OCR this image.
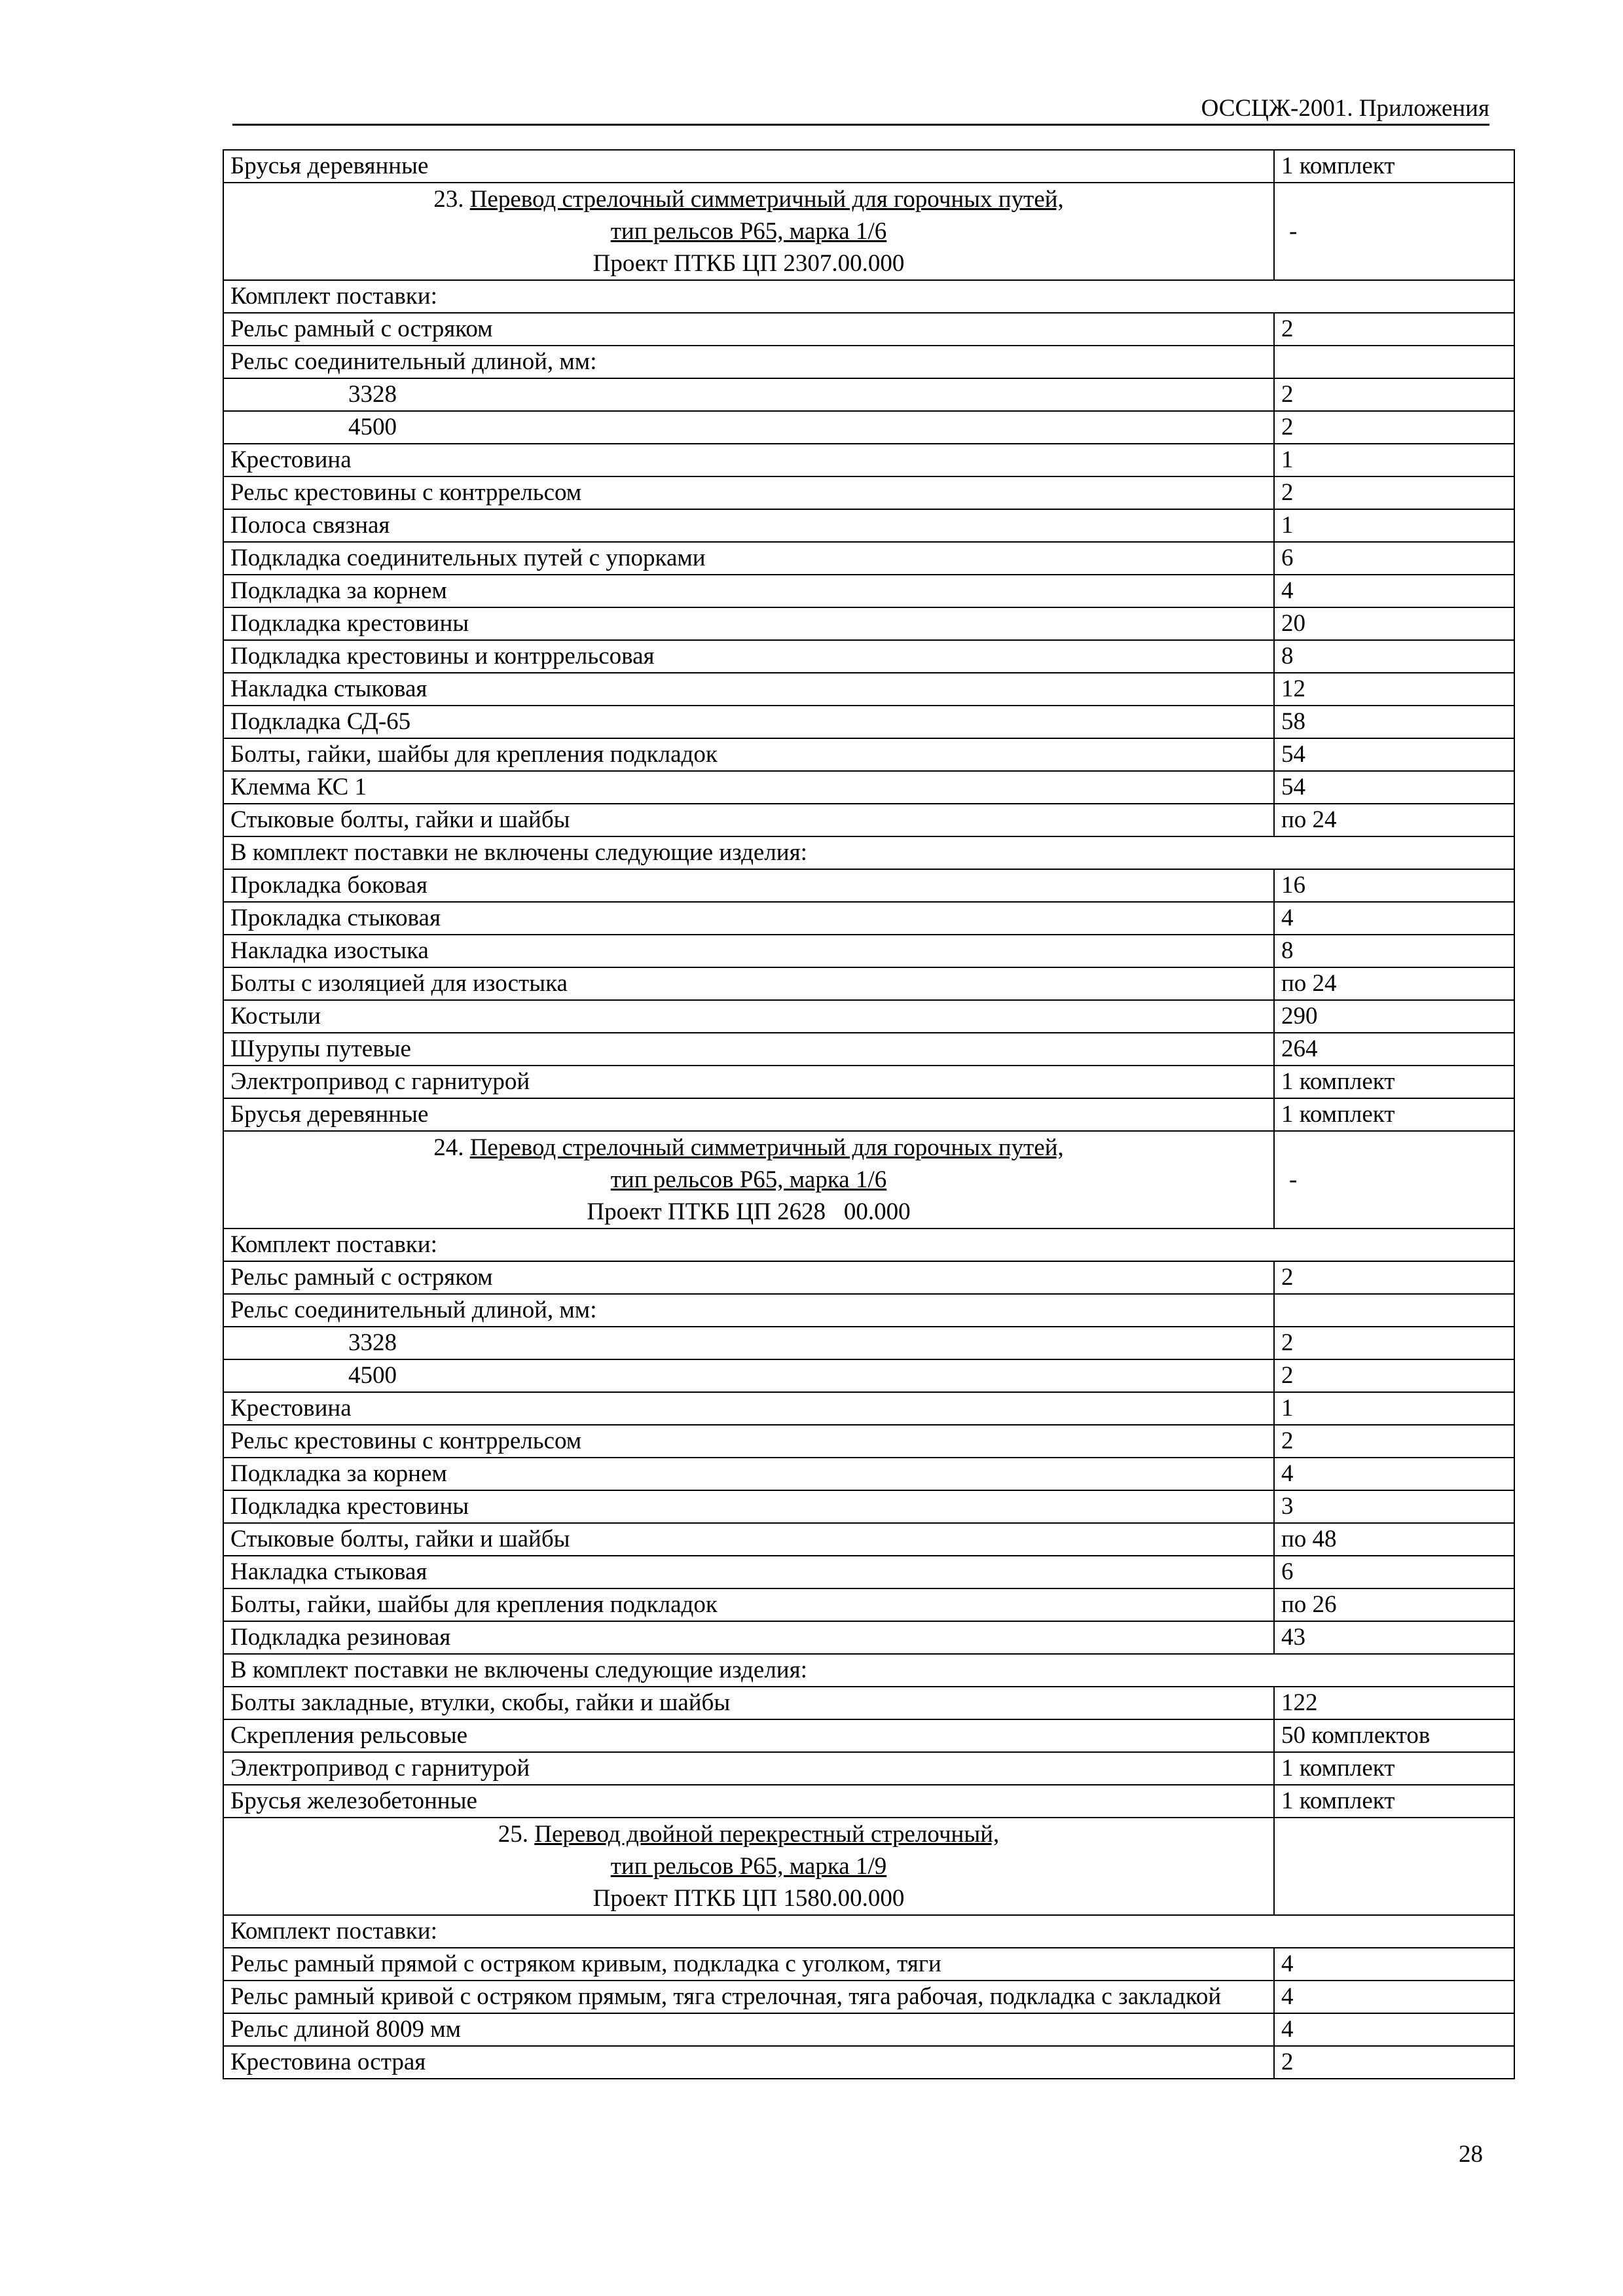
ОССЦЖ-2001. Приложения
Брусья деревянные	1 комплект

23. Перевод стрелочный симметричный для горочных путей,
тип рельсов Р65, марка 1/6
Проект ПТКБ ЦП 2307.00.000	-
Комплект поставки:	
Рельс рамный с остряком	2
Рельс соединительный длиной, мм:	
3328	2
4500	2
Крестовина	1
Рельс крестовины с контррельсом	2
Полоса связная	1
Подкладка соединительных путей с упорками	6
Подкладка за корнем	4
Подкладка крестовины	20
Подкладка крестовины и контррельсовая	8
Накладка стыковая	12
Подкладка СД-65	58
Болты, гайки, шайбы для крепления подкладок	54
Клемма КС 1	54
Стыковые болты, гайки и шайбы	по 24
В комплект поставки не включены следующие изделия:	
Прокладка боковая	16
Прокладка стыковая	4
Накладка изостыка	8
Болты с изоляцией для изостыка	по 24
Костыли	290
Шурупы путевые	264
Электропривод с гарнитурой	1 комплект
Брусья деревянные	1 комплект

24. Перевод стрелочный симметричный для горочных путей,
тип рельсов Р65, марка 1/6
Проект ПТКБ ЦП 2628   00.000	-
Комплект поставки:	
Рельс рамный с остряком	2
Рельс соединительный длиной, мм:	
3328	2
4500	2
Крестовина	1
Рельс крестовины с контррельсом	2
Подкладка за корнем	4
Подкладка крестовины	3
Стыковые болты, гайки и шайбы	по 48
Накладка стыковая	6
Болты, гайки, шайбы для крепления подкладок	по 26
Подкладка резиновая	43
В комплект поставки не включены следующие изделия:	
Болты закладные, втулки, скобы, гайки и шайбы	122
Скрепления рельсовые	50 комплектов
Электропривод с гарнитурой	1 комплект
Брусья железобетонные	1 комплект

25. Перевод двойной перекрестный стрелочный,
тип рельсов Р65, марка 1/9
Проект ПТКБ ЦП 1580.00.000	

Комплект поставки:	
Рельс рамный прямой с остряком кривым, подкладка с уголком, тяги	4
Рельс рамный кривой с остряком прямым, тяга стрелочная, тяга рабочая, подкладка с закладкой	4
Рельс длиной 8009 мм	4
Крестовина острая	2
28
